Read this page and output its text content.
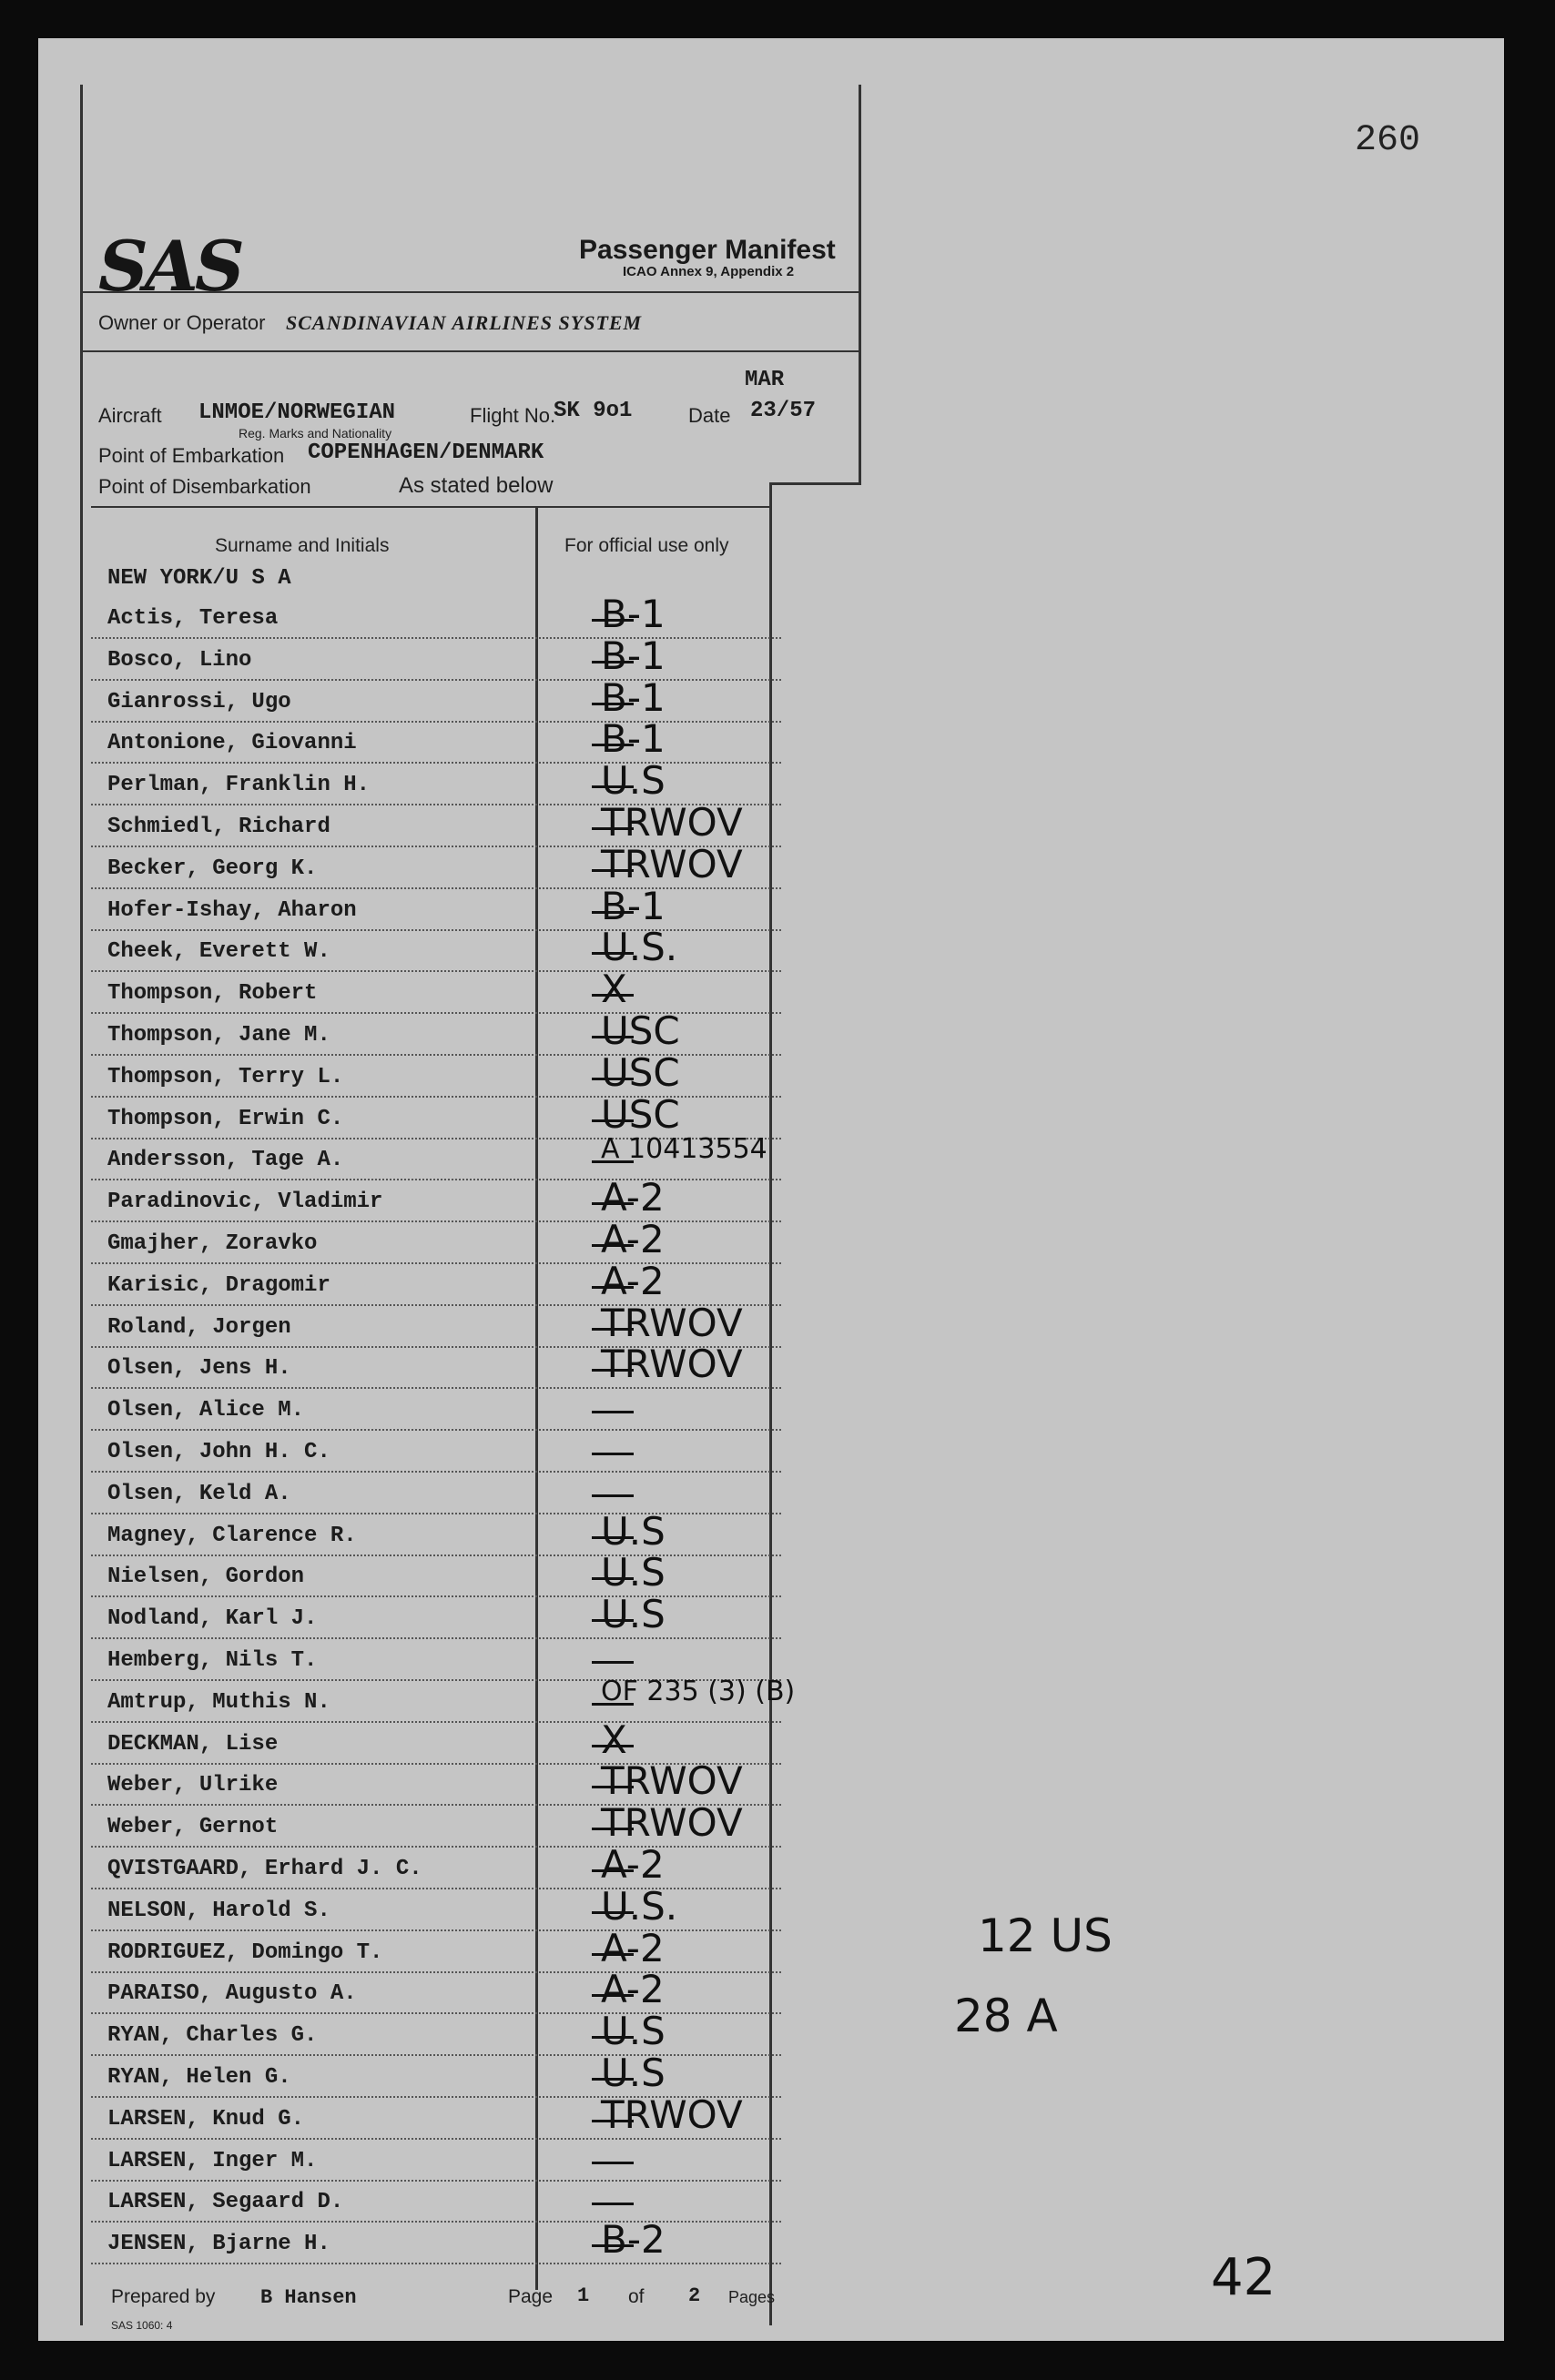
260
SAS	Passenger Manifest
ICAO Annex 9, Appendix 2
Owner or Operator SCANDINAVIAN AIRLINES SYSTEM
MAR
Aircraft LNMOE/NORWEGIAN	Flight No.
SK 9o1	Date 23/57
Reg. Marks and Nationality
Point of Embarkation COPENHAGEN/DENMARK
Point of Disembarkation	As stated below
Surname and Initials	For official use only
NEW YORK/U S A
Actis, Teresa	B-1
Bosco, Lino	B-1
Gianrossi, Ugo	B-1
Antonione, Giovanni	B-1
Perlman, Franklin H.	U.S
Schmiedl, Richard	TRWOV
Becker, Georg K.	TRWOV
Hofer-Ishay, Aharon	B-1
Cheek, Everett W.	U.S.
Thompson, Robert	X
Thompson, Jane M.	USC
Thompson, Terry L.	USC
Thompson, Erwin C.	USC
Andersson, Tage A.	A 10413554
Paradinovic, Vladimir	A-2
Gmajher, Zoravko	A-2
Karisic, Dragomir	A-2
Roland, Jorgen	TRWOV
Olsen, Jens H.	TRWOV
Olsen, Alice M.
Olsen, John H. C.
Olsen, Keld A.
Magney, Clarence R.	U.S
Nielsen, Gordon	U.S
Nodland, Karl J.	U.S
Hemberg, Nils T.
Amtrup, Muthis N.	OF 235 (3) (B)
DECKMAN, Lise	X
Weber, Ulrike	TRWOV
Weber, Gernot	TRWOV
QVISTGAARD, Erhard J. C.	A-2
NELSON, Harold S.	U.S.
RODRIGUEZ, Domingo T.	A-2
PARAISO, Augusto A.	A-2
RYAN, Charles G.	U.S
RYAN, Helen G.	U.S
LARSEN, Knud G.	TRWOV
LARSEN, Inger M.
LARSEN, Segaard D.
JENSEN, Bjarne H.	B-2
12 US
28 A
42
Prepared by B Hansen	Page 1 of 2 Pages
SAS 1060: 4
